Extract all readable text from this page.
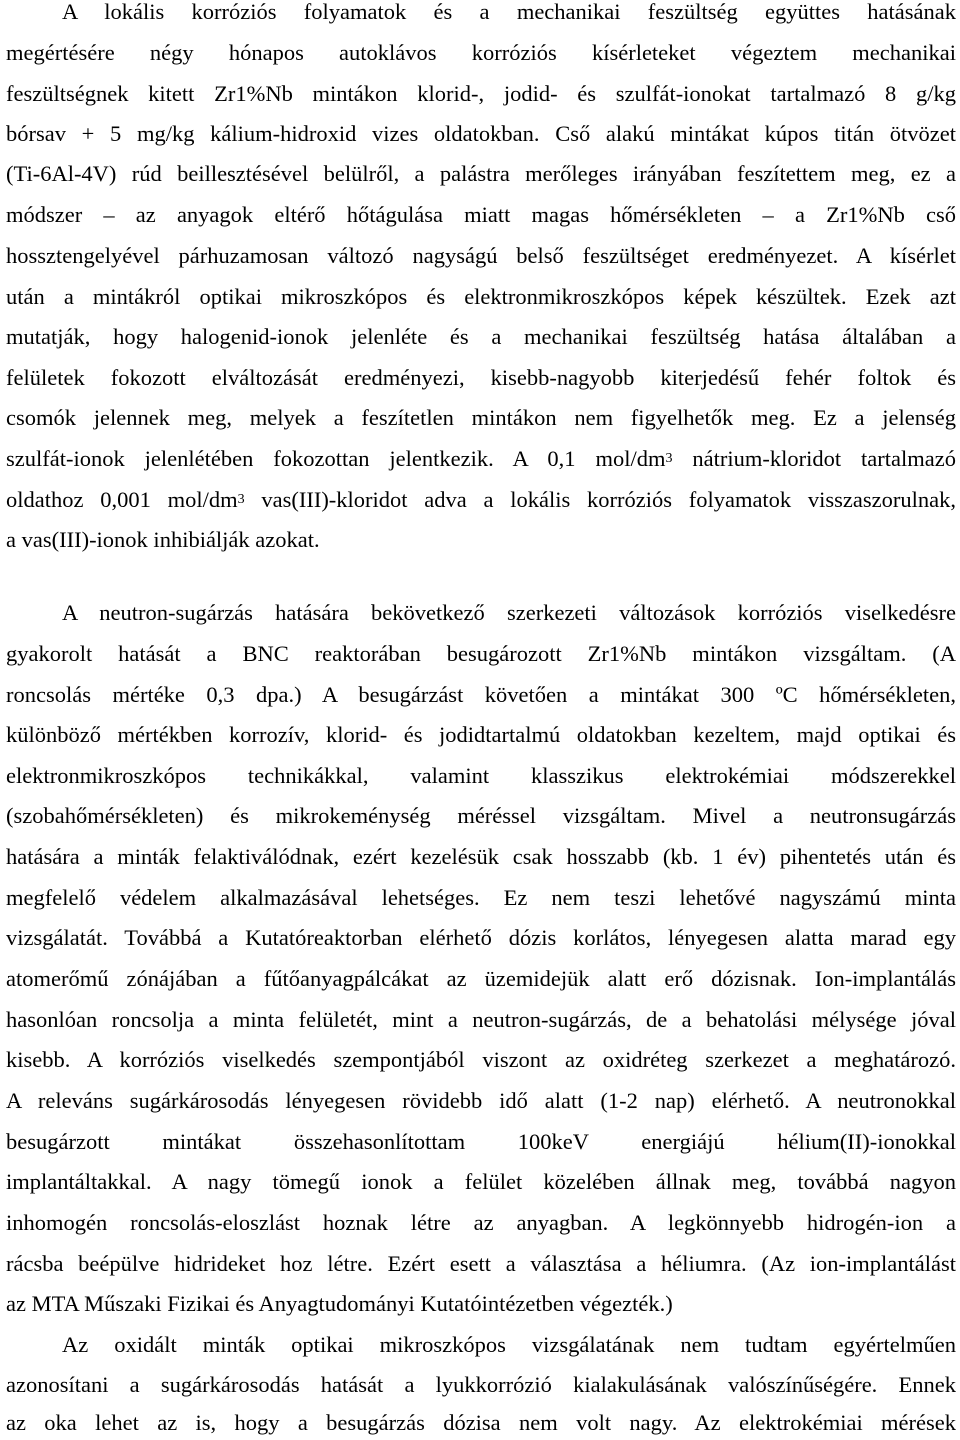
A lokális korróziós folyamatok és a mechanikai feszültség együttes hatásának
megértésére négy hónapos autoklávos korróziós kísérleteket végeztem mechanikai
feszültségnek kitett Zr1%Nb mintákon klorid-, jodid- és szulfát-ionokat tartalmazó 8 g/kg
bórsav + 5 mg/kg kálium-hidroxid vizes oldatokban. Cső alakú mintákat kúpos titán ötvözet
(Ti-6Al-4V) rúd beillesztésével belülről, a palástra merőleges irányában feszítettem meg, ez a
módszer – az anyagok eltérő hőtágulása miatt magas hőmérsékleten – a Zr1%Nb cső
hossztengelyével párhuzamosan változó nagyságú belső feszültséget eredményezet. A kísérlet
után a mintákról optikai mikroszkópos és elektronmikroszkópos képek készültek. Ezek azt
mutatják, hogy halogenid-ionok jelenléte és a mechanikai feszültség hatása általában a
felületek fokozott elváltozását eredményezi, kisebb-nagyobb kiterjedésű fehér foltok és
csomók jelennek meg, melyek a feszítetlen mintákon nem figyelhetők meg. Ez a jelenség
szulfát-ionok jelenlétében fokozottan jelentkezik. A 0,1 mol/$dm^3$ nátrium-kloridot tartalmazó
oldathoz 0,001 mol/$dm^3$ vas(III)-kloridot adva a lokális korróziós folyamatok visszaszorulnak,
a vas(III)-ionok inhibiálják azokat.
A neutron-sugárzás hatására bekövetkező szerkezeti változások korróziós viselkedésre
gyakorolt hatását a BNC reaktorában besugározott Zr1%Nb mintákon vizsgáltam. (A
roncsolás mértéke 0,3 dpa.) A besugárzást követően a mintákat 300 ºC hőmérsékleten,
különböző mértékben korrozív, klorid- és jodidtartalmú oldatokban kezeltem, majd optikai és
elektronmikroszkópos technikákkal, valamint klasszikus elektrokémiai módszerekkel
(szobahőmérsékleten) és mikrokeménység méréssel vizsgáltam. Mivel a neutronsugárzás
hatására a minták felaktiválódnak, ezért kezelésük csak hosszabb (kb. 1 év) pihentetés után és
megfelelő védelem alkalmazásával lehetséges. Ez nem teszi lehetővé nagyszámú minta
vizsgálatát. Továbbá a Kutatóreaktorban elérhető dózis korlátos, lényegesen alatta marad egy
atomerőmű zónájában a fűtőanyagpálcákat az üzemidejük alatt erő dózisnak. Ion-implantálás
hasonlóan roncsolja a minta felületét, mint a neutron-sugárzás, de a behatolási mélysége jóval
kisebb. A korróziós viselkedés szempontjából viszont az oxidréteg szerkezet a meghatározó.
A releváns sugárkárosodás lényegesen rövidebb idő alatt (1-2 nap) elérhető. A neutronokkal
besugárzott mintákat összehasonlítottam 100keV energiájú hélium(II)-ionokkal
implantáltakkal. A nagy tömegű ionok a felület közelében állnak meg, továbbá nagyon
inhomogén roncsolás-eloszlást hoznak létre az anyagban. A legkönnyebb hidrogén-ion a
rácsba beépülve hidrideket hoz létre. Ezért esett a választása a héliumra. (Az ion-implantálást
az MTA Műszaki Fizikai és Anyagtudományi Kutatóintézetben végezték.)
Az oxidált minták optikai mikroszkópos vizsgálatának nem tudtam egyértelműen
azonosítani a sugárkárosodás hatását a lyukkorrózió kialakulásának valószínűségére. Ennek
az oka lehet az is, hogy a besugárzás dózisa nem volt nagy. Az elektrokémiai mérések
